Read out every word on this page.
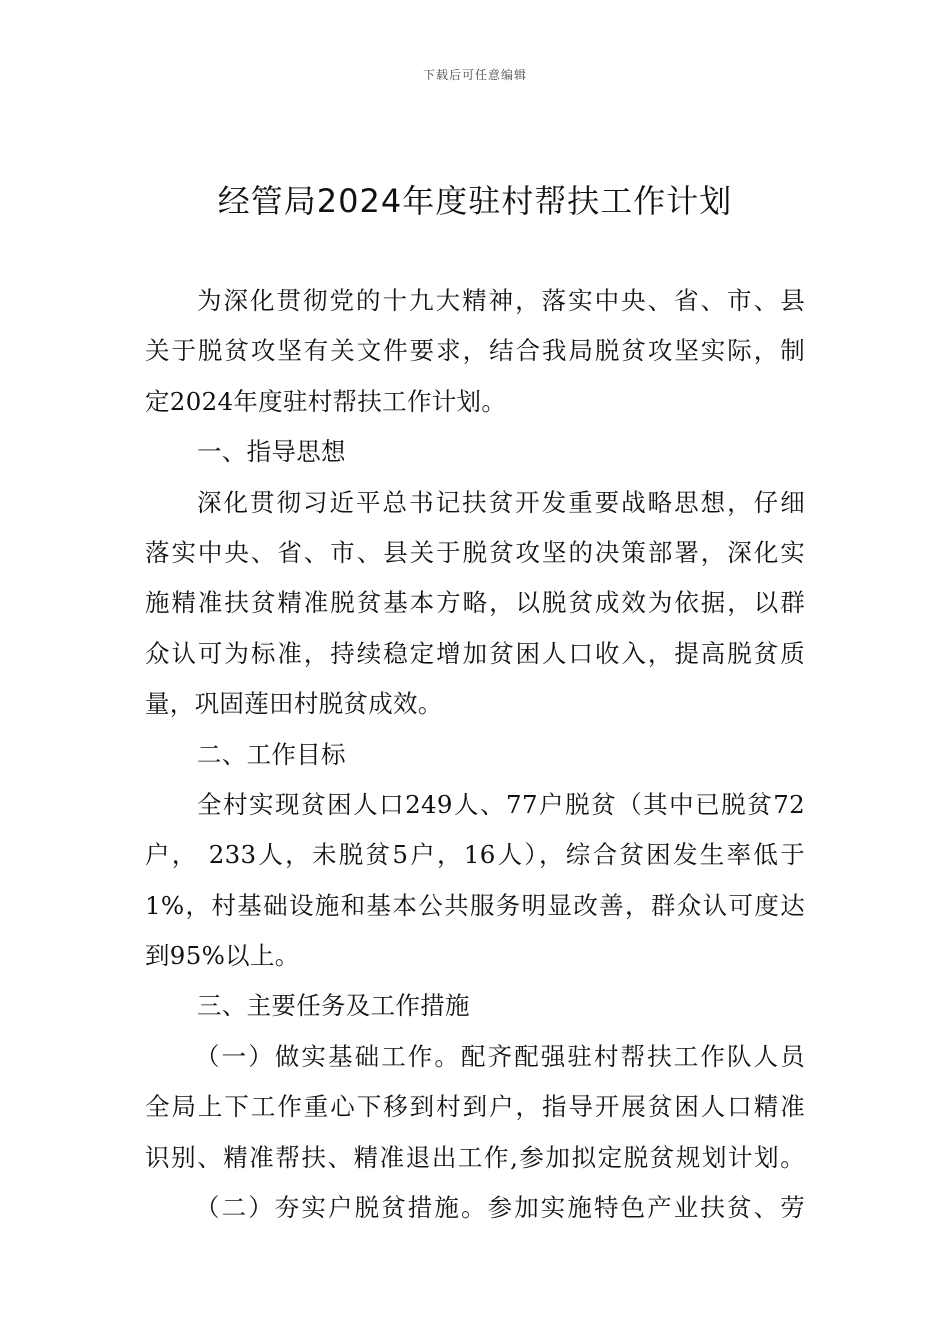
下载后可任意编辑
经管局2024年度驻村帮扶工作计划
为深化贯彻党的十九大精神，落实中央、省、市、县
关于脱贫攻坚有关文件要求，结合我局脱贫攻坚实际，制
定2024年度驻村帮扶工作计划。
一、指导思想
深化贯彻习近平总书记扶贫开发重要战略思想，仔细
落实中央、省、市、县关于脱贫攻坚的决策部署，深化实
施精准扶贫精准脱贫基本方略，以脱贫成效为依据，以群
众认可为标准，持续稳定增加贫困人口收入，提高脱贫质
量，巩固莲田村脱贫成效。
二、工作目标
全村实现贫困人口249人、77户脱贫（其中已脱贫72
户， 233人，未脱贫5户，16人），综合贫困发生率低于
1%，村基础设施和基本公共服务明显改善，群众认可度达
到95%以上。
三、主要任务及工作措施
（一）做实基础工作。配齐配强驻村帮扶工作队人员
全局上下工作重心下移到村到户，指导开展贫困人口精准
识别、精准帮扶、精准退出工作,参加拟定脱贫规划计划。
（二）夯实户脱贫措施。参加实施特色产业扶贫、劳
